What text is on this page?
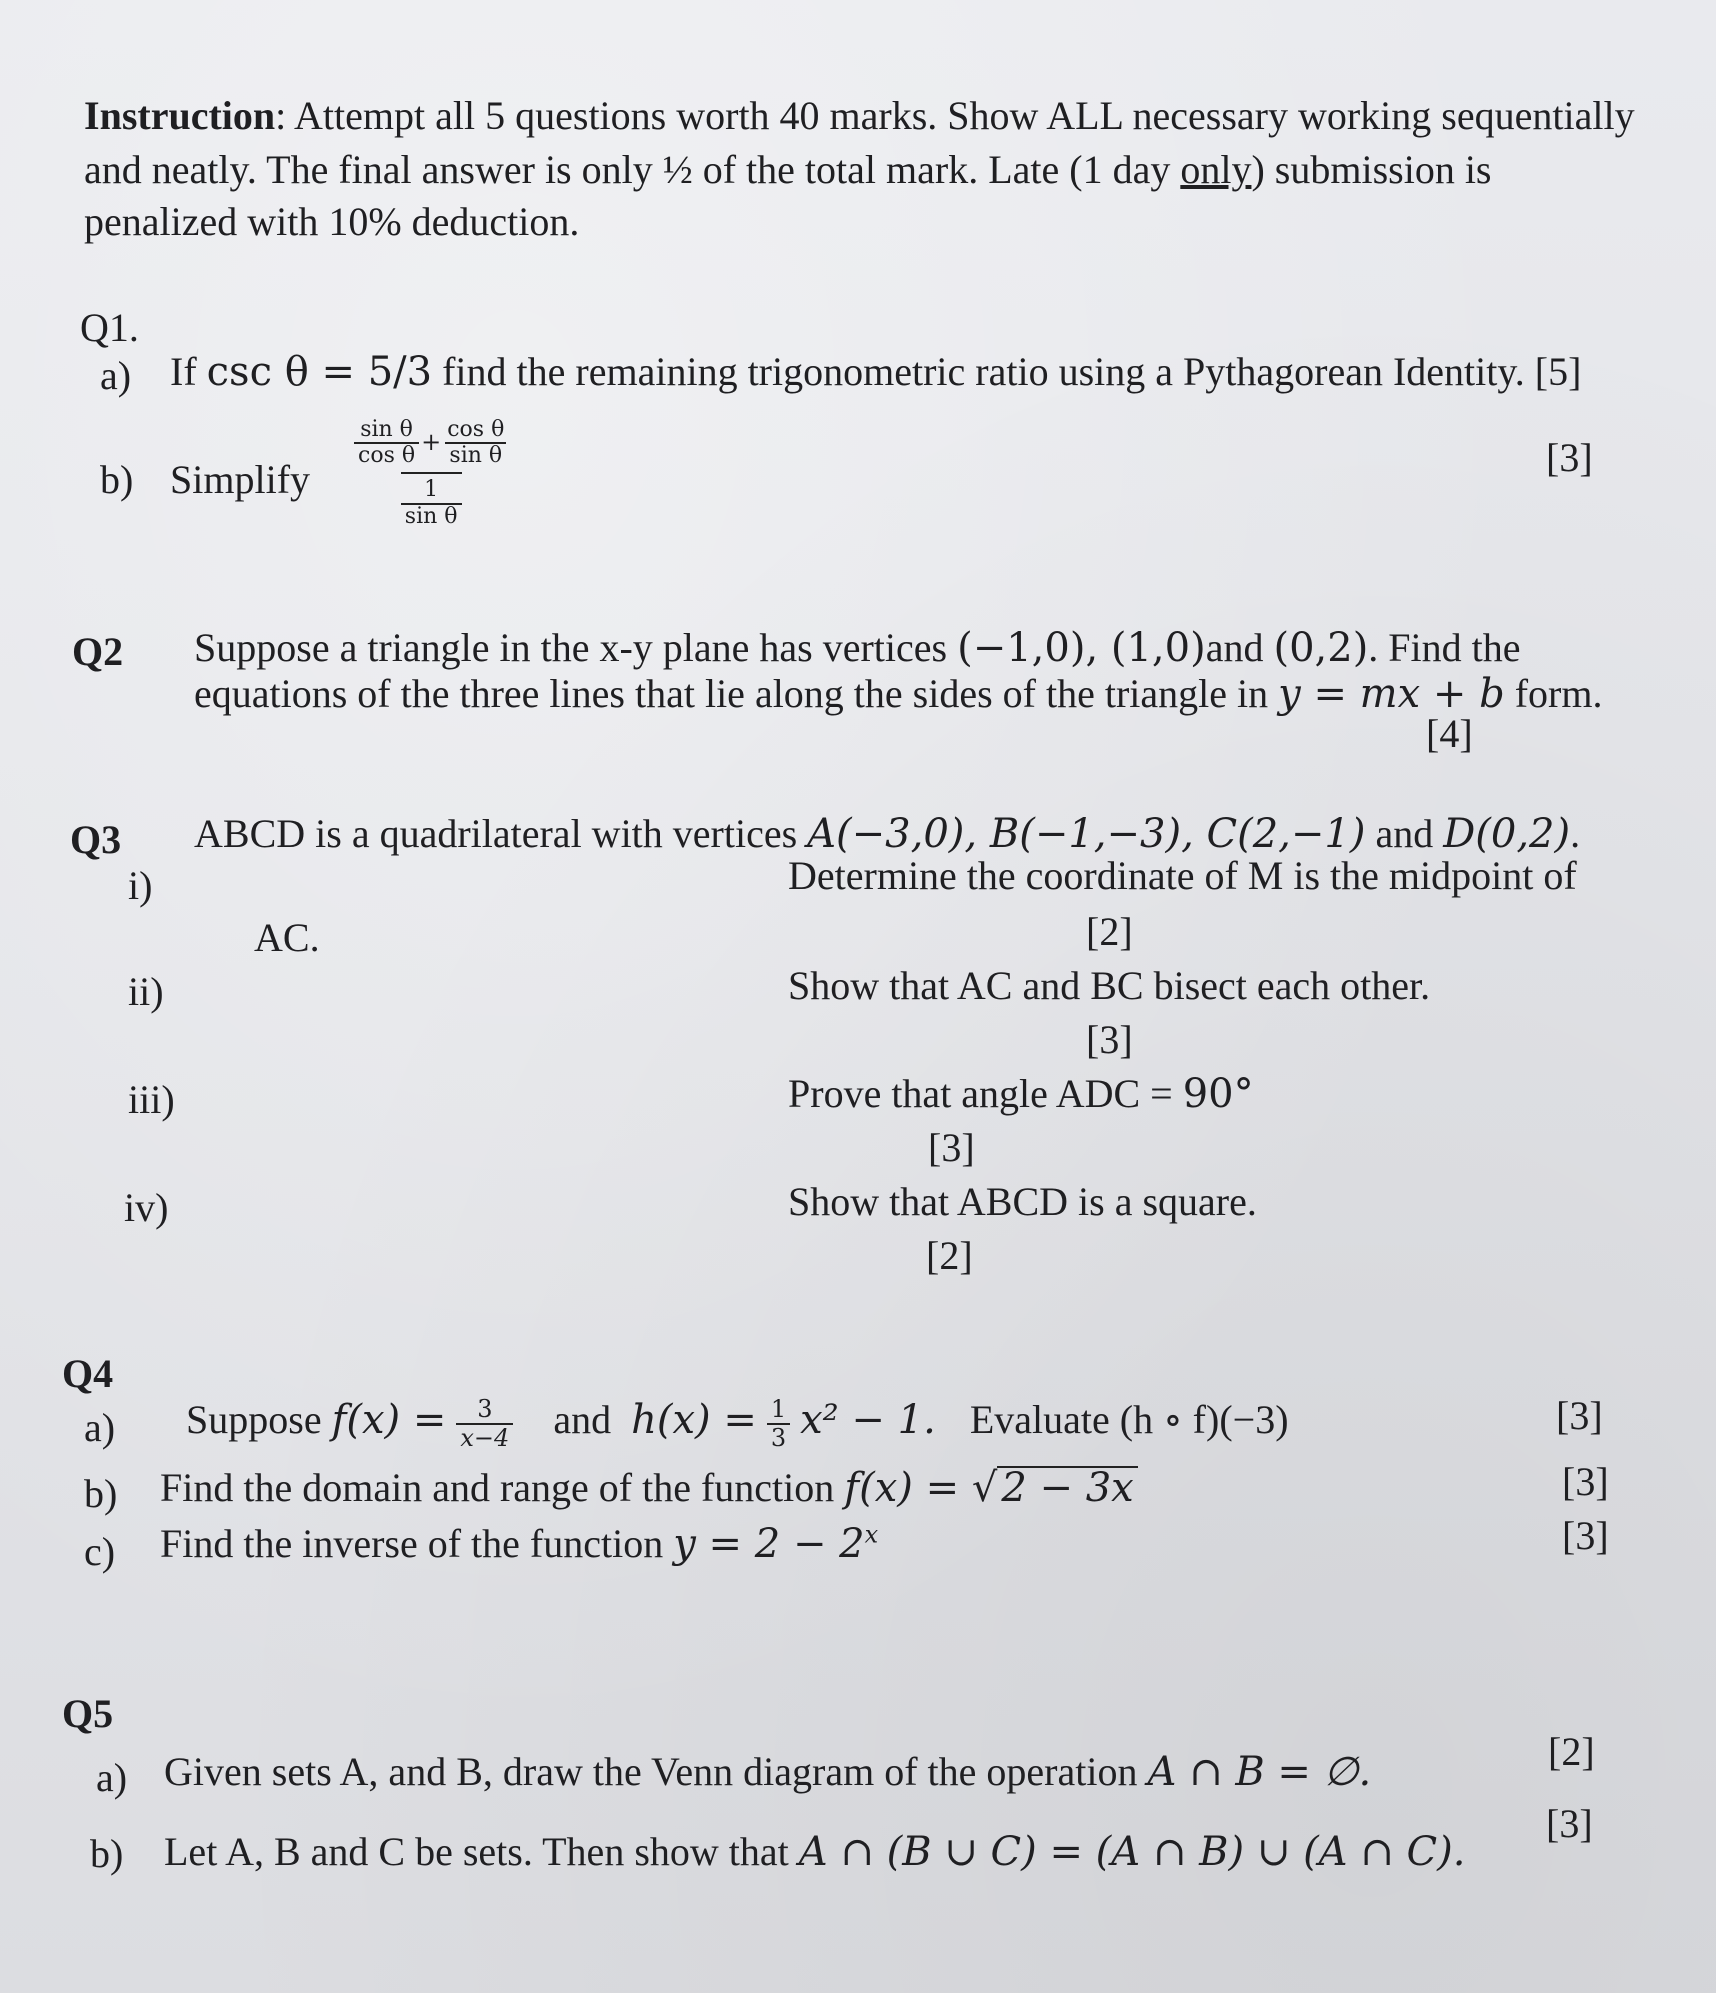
Instruction: Attempt all 5 questions worth 40 marks. Show ALL necessary working sequentially
and neatly. The final answer is only ½ of the total mark. Late (1 day only) submission is
penalized with 10% deduction.
Q1.
a) If csc θ = 5/3 find the remaining trigonometric ratio using a Pythagorean Identity. [5]
b) Simplify
$\frac{\text{sin θ}}{\text{cos θ}} + \frac{\text{cos θ}}{\text{sin θ}}$
$\frac{1}{\text{sin θ}}$
[3]
Q2 Suppose a triangle in the x-y plane has vertices (−1,0), (1,0)and (0,2). Find the
equations of the three lines that lie along the sides of the triangle in y = mx + b form.
[4]
Q3 ABCD is a quadrilateral with vertices A(−3,0), B(−1,−3), C(2,−1) and D(0,2).
i)	Determine the coordinate of M is the midpoint of
AC.	[2]
ii)	Show that AC and BC bisect each other.
[3]
iii)	Prove that angle ADC = 90°
[3]
iv)	Show that ABCD is a square.
[2]
Q4
a) Suppose $f(x) = \frac{3}{x-4}$ and $h(x) = \frac{1}{3} x^2 - 1$. Evaluate (h ∘ f)(−3)	[3]
b) Find the domain and range of the function f(x) = √ 2 − 3x	[3]
c) Find the inverse of the function $y = 2 - 2^x$	[3]
Q5
a) Given sets A, and B, draw the Venn diagram of the operation A ∩ B = ∅.	[2]
b) Let A, B and C be sets. Then show that A ∩ (B ∪ C) = (A ∩ B) ∪ (A ∩ C).
[3]
